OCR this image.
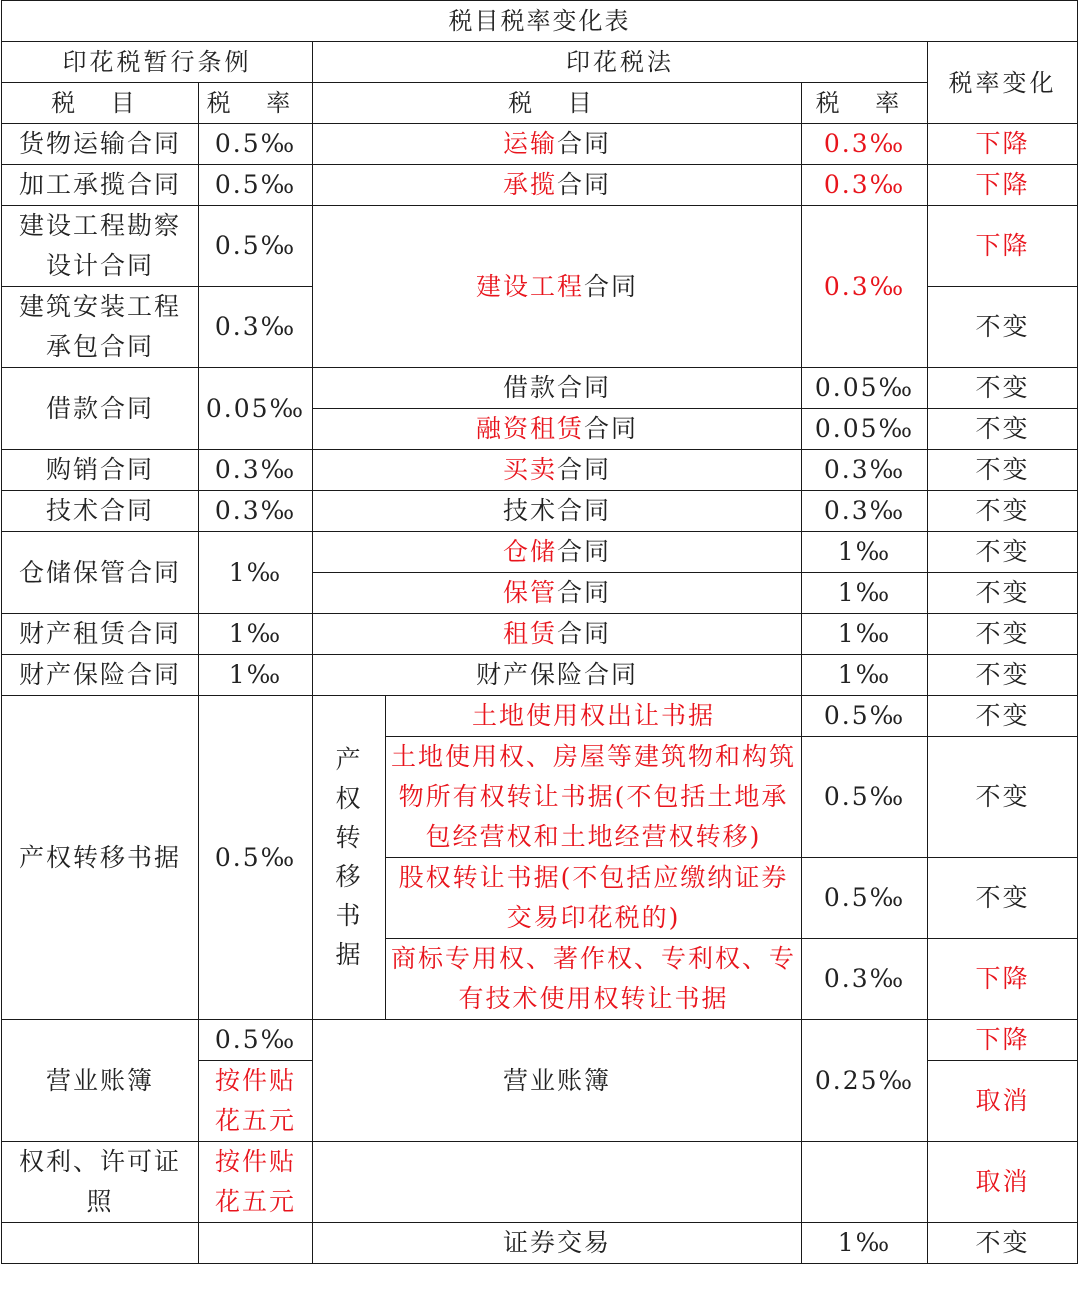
税目税率变化表					
印花税暂行条例		印花税法			税率变化
税 目	税 率	税 目		税 率	
货物运输合同	0.5‰	运输合同		0.3‰	下降
加工承揽合同	0.5‰	承揽合同		0.3‰	下降

建设工程勘察设计合同	0.5‰	建设工程合同		0.3‰	下降

建筑安装工程承包合同	0.3‰				不变
借款合同	0.05‰	借款合同		0.05‰	不变
		融资租赁合同		0.05‰	不变
购销合同	0.3‰	买卖合同		0.3‰	不变
技术合同	0.3‰	技术合同		0.3‰	不变
仓储保管合同	1‰	仓储合同		1‰	不变
		保管合同		1‰	不变
财产租赁合同	1‰	租赁合同		1‰	不变
财产保险合同	1‰	财产保险合同		1‰	不变
产权转移书据	0.5‰	产权转移书据	土地使用权出让书据	0.5‰	不变

			土地使用权、房屋等建筑物和构筑物所有权转让书据(不包括土地承包经营权和土地经营权转移)	0.5‰	不变

			股权转让书据(不包括应缴纳证券交易印花税的)	0.5‰	不变

			商标专用权、著作权、专利权、专有技术使用权转让书据	0.3‰	下降
营业账簿	0.5‰	营业账簿		0.25‰	下降

	按件贴花五元				取消

权利、许可证照	按件贴花五元				取消
		证券交易		1‰	不变
